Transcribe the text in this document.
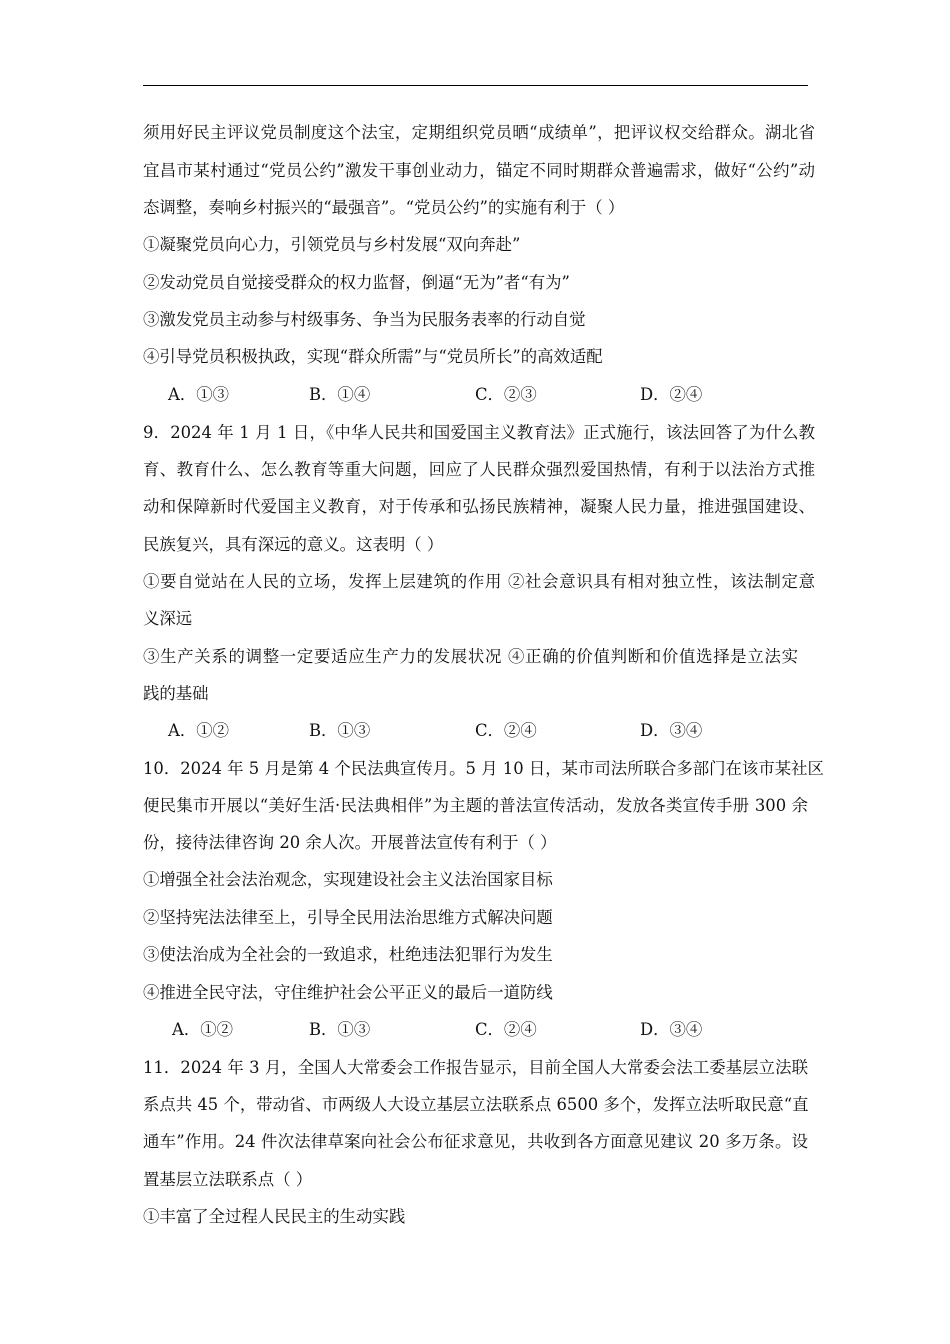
须用好民主评议党员制度这个法宝，定期组织党员晒“成绩单”，把评议权交给群众。湖北省
宜昌市某村通过“党员公约”激发干事创业动力，锚定不同时期群众普遍需求，做好“公约”动
态调整，奏响乡村振兴的“最强音”。“党员公约”的实施有利于（ ）
①凝聚党员向心力，引领党员与乡村发展“双向奔赴”
②发动党员自觉接受群众的权力监督，倒逼“无为”者“有为”
③激发党员主动参与村级事务、争当为民服务表率的行动自觉
④引导党员积极执政，实现“群众所需”与“党员所长”的高效适配
A．①③	B．①④	C．②③	D．②④
9．2024 年 1 月 1 日，《中华人民共和国爱国主义教育法》正式施行，该法回答了为什么教
育、教育什么、怎么教育等重大问题，回应了人民群众强烈爱国热情，有利于以法治方式推
动和保障新时代爱国主义教育，对于传承和弘扬民族精神，凝聚人民力量，推进强国建设、
民族复兴，具有深远的意义。这表明（ ）
①要自觉站在人民的立场，发挥上层建筑的作用 ②社会意识具有相对独立性，该法制定意
义深远
③生产关系的调整一定要适应生产力的发展状况 ④正确的价值判断和价值选择是立法实
践的基础
A．①②	B．①③	C．②④	D．③④
10．2024 年 5 月是第 4 个民法典宣传月。5 月 10 日，某市司法所联合多部门在该市某社区
便民集市开展以“美好生活·民法典相伴”为主题的普法宣传活动，发放各类宣传手册 300 余
份，接待法律咨询 20 余人次。开展普法宣传有利于（ ）
①增强全社会法治观念，实现建设社会主义法治国家目标
②坚持宪法法律至上，引导全民用法治思维方式解决问题
③使法治成为全社会的一致追求，杜绝违法犯罪行为发生
④推进全民守法，守住维护社会公平正义的最后一道防线
A．①②	B．①③	C．②④	D．③④
11．2024 年 3 月，全国人大常委会工作报告显示，目前全国人大常委会法工委基层立法联
系点共 45 个，带动省、市两级人大设立基层立法联系点 6500 多个，发挥立法听取民意“直
通车”作用。24 件次法律草案向社会公布征求意见，共收到各方面意见建议 20 多万条。设
置基层立法联系点（ ）
①丰富了全过程人民民主的生动实践
